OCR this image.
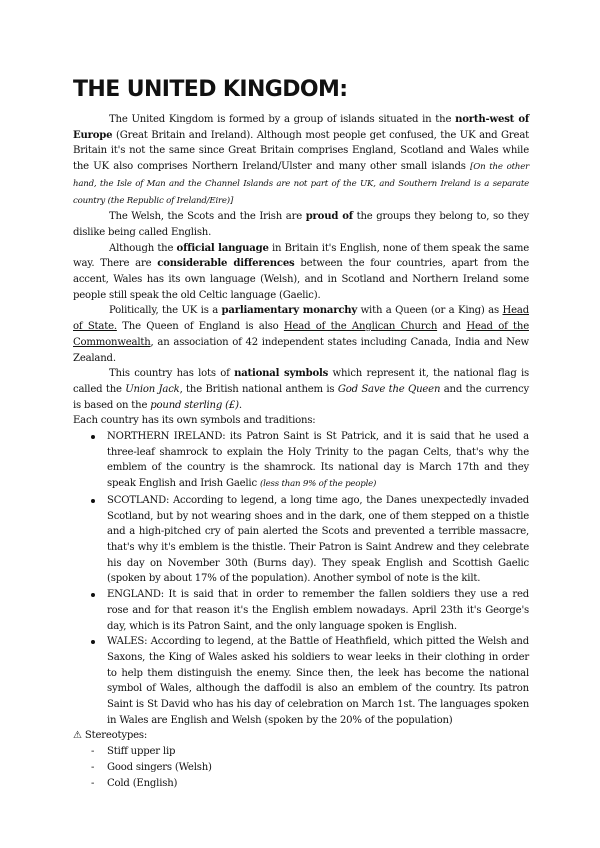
THE UNITED KINGDOM:

The United Kingdom is formed by a group of islands situated in the north-west of Europe (Great Britain and Ireland). Although most people get confused, the UK and Great Britain it's not the same since Great Britain comprises England, Scotland and Wales while the UK also comprises Northern Ireland/Ulster and many other small islands [On the other hand, the Isle of Man and the Channel Islands are not part of the UK, and Southern Ireland is a separate country (the Republic of Ireland/Eire)]

The Welsh, the Scots and the Irish are proud of the groups they belong to, so they dislike being called English.

Although the official language in Britain it's English, none of them speak the same way. There are considerable differences between the four countries, apart from the accent, Wales has its own language (Welsh), and in Scotland and Northern Ireland some people still speak the old Celtic language (Gaelic).

Politically, the UK is a parliamentary monarchy with a Queen (or a King) as Head of State. The Queen of England is also Head of the Anglican Church and Head of the Commonwealth, an association of 42 independent states including Canada, India and New Zealand.

This country has lots of national symbols which represent it, the national flag is called the Union Jack, the British national anthem is God Save the Queen and the currency is based on the pound sterling (£).

Each country has its own symbols and traditions:

NORTHERN IRELAND: its Patron Saint is St Patrick, and it is said that he used a three-leaf shamrock to explain the Holy Trinity to the pagan Celts, that's why the emblem of the country is the shamrock. Its national day is March 17th and they speak English and Irish Gaelic (less than 9% of the people)
SCOTLAND: According to legend, a long time ago, the Danes unexpectedly invaded Scotland, but by not wearing shoes and in the dark, one of them stepped on a thistle and a high-pitched cry of pain alerted the Scots and prevented a terrible massacre, that's why it's emblem is the thistle. Their Patron is Saint Andrew and they celebrate his day on November 30th (Burns day). They speak English and Scottish Gaelic (spoken by about 17% of the population). Another symbol of note is the kilt.
ENGLAND: It is said that in order to remember the fallen soldiers they use a red rose and for that reason it's the English emblem nowadays. April 23th it's George's day, which is its Patron Saint, and the only language spoken is English.
WALES: According to legend, at the Battle of Heathfield, which pitted the Welsh and Saxons, the King of Wales asked his soldiers to wear leeks in their clothing in order to help them distinguish the enemy. Since then, the leek has become the national symbol of Wales, although the daffodil is also an emblem of the country. Its patron Saint is St David who has his day of celebration on March 1st. The languages spoken in Wales are English and Welsh (spoken by the 20% of the population)

⚠ Stereotypes:

- Stiff upper lip
- Good singers (Welsh)
- Cold (English)
